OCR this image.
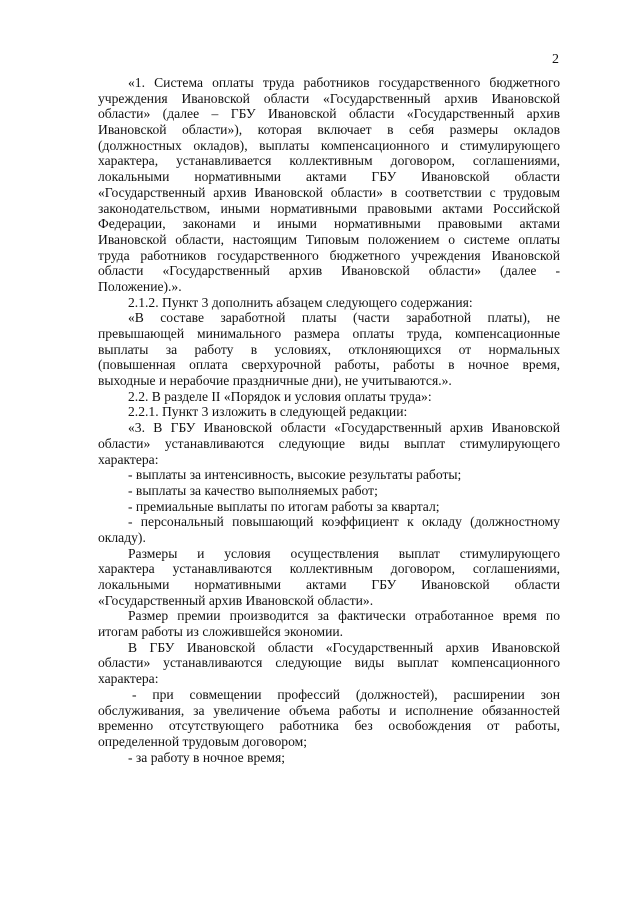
2
«1. Система оплаты труда работников государственного бюджетного
учреждения Ивановской области «Государственный архив Ивановской
области» (далее – ГБУ Ивановской области «Государственный архив
Ивановской области»), которая включает в себя размеры окладов
(должностных окладов), выплаты компенсационного и стимулирующего
характера, устанавливается коллективным договором, соглашениями,
локальными нормативными актами ГБУ Ивановской области
«Государственный архив Ивановской области» в соответствии с трудовым
законодательством, иными нормативными правовыми актами Российской
Федерации, законами и иными нормативными правовыми актами
Ивановской области, настоящим Типовым положением о системе оплаты
труда работников государственного бюджетного учреждения Ивановской
области «Государственный архив Ивановской области» (далее -
Положение).».
2.1.2. Пункт 3 дополнить абзацем следующего содержания:
«В составе заработной платы (части заработной платы), не
превышающей минимального размера оплаты труда, компенсационные
выплаты за работу в условиях, отклоняющихся от нормальных
(повышенная оплата сверхурочной работы, работы в ночное время,
выходные и нерабочие праздничные дни), не учитываются.».
2.2. В разделе II «Порядок и условия оплаты труда»:
2.2.1. Пункт 3 изложить в следующей редакции:
«3. В ГБУ Ивановской области «Государственный архив Ивановской
области» устанавливаются следующие виды выплат стимулирующего
характера:
- выплаты за интенсивность, высокие результаты работы;
- выплаты за качество выполняемых работ;
- премиальные выплаты по итогам работы за квартал;
- персональный повышающий коэффициент к окладу (должностному
окладу).
Размеры и условия осуществления выплат стимулирующего
характера устанавливаются коллективным договором, соглашениями,
локальными нормативными актами ГБУ Ивановской области
«Государственный архив Ивановской области».
Размер премии производится за фактически отработанное время по
итогам работы из сложившейся экономии.
В ГБУ Ивановской области «Государственный архив Ивановской
области» устанавливаются следующие виды выплат компенсационного
характера:
- при совмещении профессий (должностей), расширении зон
обслуживания, за увеличение объема работы и исполнение обязанностей
временно отсутствующего работника без освобождения от работы,
определенной трудовым договором;
- за работу в ночное время;
